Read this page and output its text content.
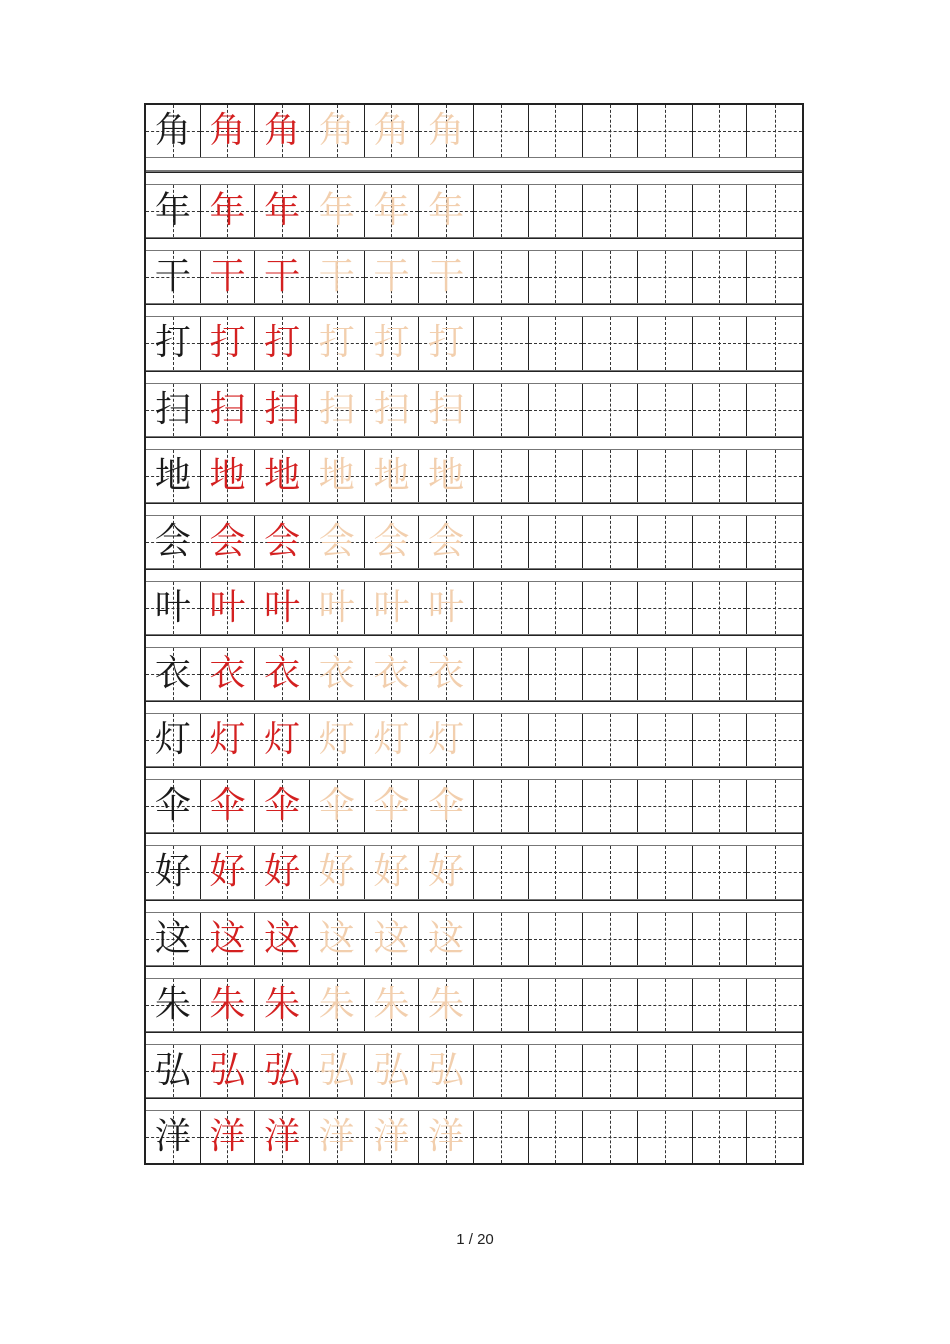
角 角 角 角 角 角
年 年 年 年 年 年
干 干 干 干 干 干
打 打 打 打 打 打
扫 扫 扫 扫 扫 扫
地 地 地 地 地 地
会 会 会 会 会 会
叶 叶 叶 叶 叶 叶
衣 衣 衣 衣 衣 衣
灯 灯 灯 灯 灯 灯
伞 伞 伞 伞 伞 伞
好 好 好 好 好 好
这 这 这 这 这 这
朱 朱 朱 朱 朱 朱
弘 弘 弘 弘 弘 弘
洋 洋 洋 洋 洋 洋
1 / 20
